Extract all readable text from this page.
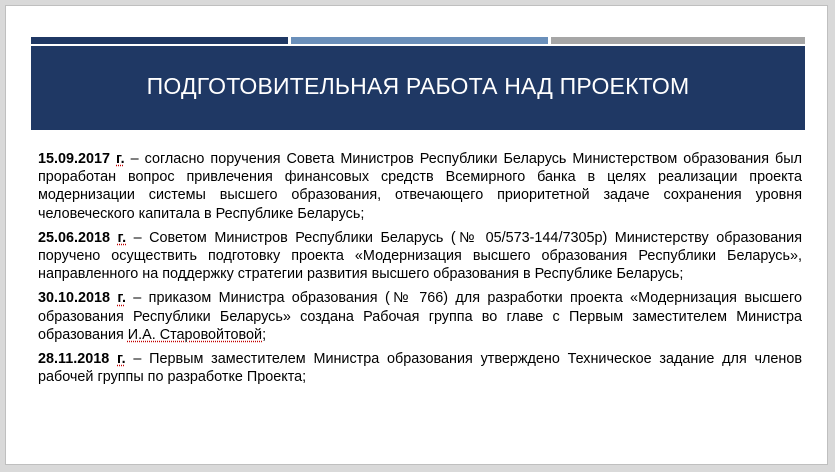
ПОДГОТОВИТЕЛЬНАЯ РАБОТА НАД ПРОЕКТОМ

15.09.2017 г. – согласно поручения Совета Министров Республики Беларусь Министерством образования был проработан вопрос привлечения финансовых средств Всемирного банка в целях реализации проекта модернизации системы высшего образования, отвечающего приоритетной задаче сохранения уровня человеческого капитала в Республике Беларусь;

25.06.2018 г. – Советом Министров Республики Беларусь (№ 05/573-144/7305р) Министерству образования поручено осуществить подготовку проекта «Модернизация высшего образования Республики Беларусь», направленного на поддержку стратегии развития высшего образования в Республике Беларусь;

30.10.2018 г. – приказом Министра образования (№ 766) для разработки проекта «Модернизация высшего образования Республики Беларусь» создана Рабочая группа во главе с Первым заместителем Министра образования И.А. Старовойтовой;

28.11.2018 г. – Первым заместителем Министра образования утверждено Техническое задание для членов рабочей группы по разработке Проекта;
